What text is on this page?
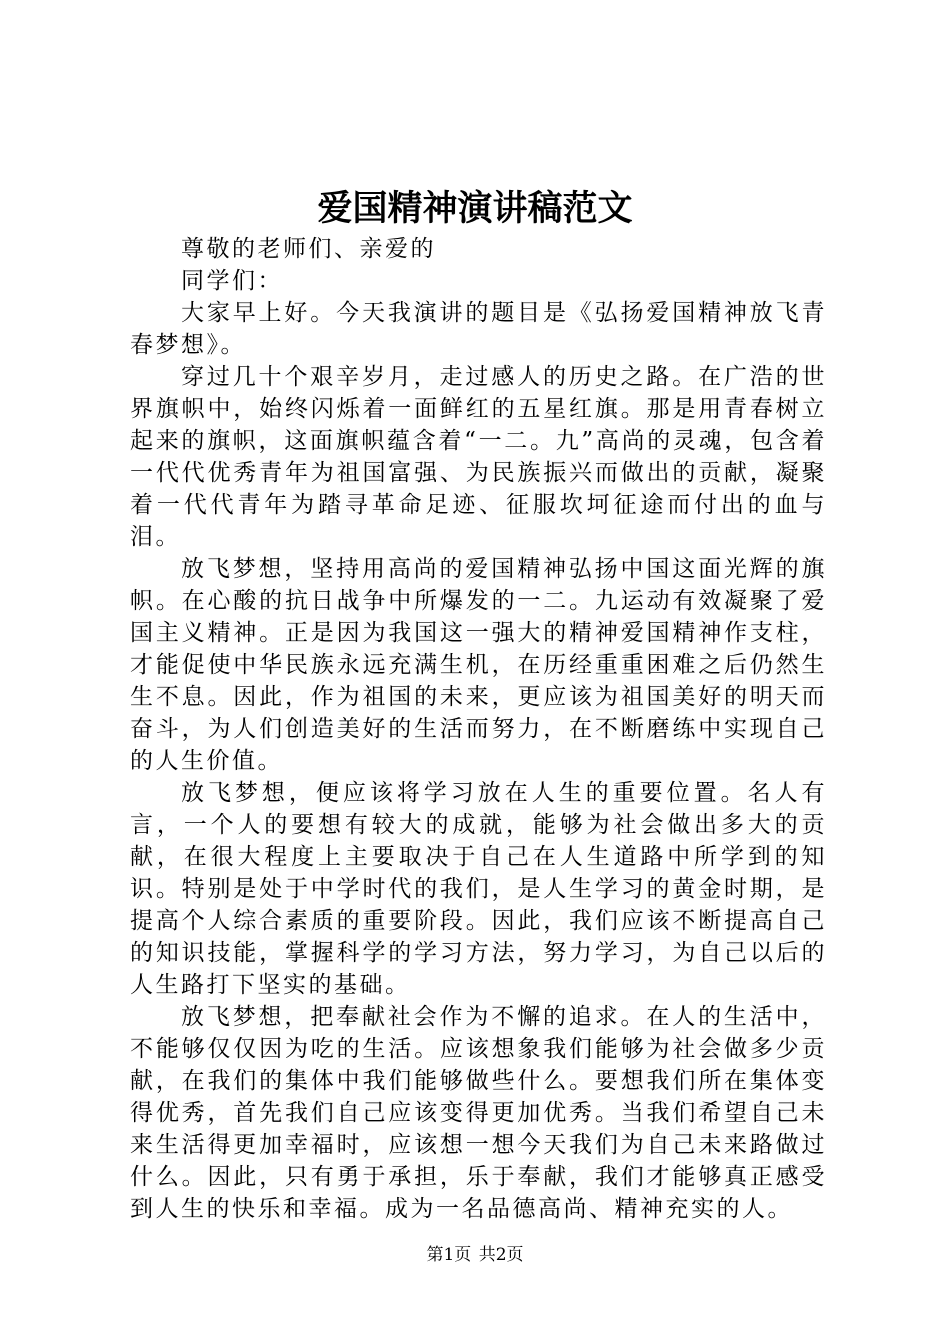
爱国精神演讲稿范文

尊敬的老师们、亲爱的

同学们：

大家早上好。今天我演讲的题目是《弘扬爱国精神放飞青春梦想》。

穿过几十个艰辛岁月，走过感人的历史之路。在广浩的世界旗帜中，始终闪烁着一面鲜红的五星红旗。那是用青春树立起来的旗帜，这面旗帜蕴含着“一二。九”高尚的灵魂，包含着一代代优秀青年为祖国富强、为民族振兴而做出的贡献，凝聚着一代代青年为踏寻革命足迹、征服坎坷征途而付出的血与泪。

放飞梦想，坚持用高尚的爱国精神弘扬中国这面光辉的旗帜。在心酸的抗日战争中所爆发的一二。九运动有效凝聚了爱国主义精神。正是因为我国这一强大的精神爱国精神作支柱，才能促使中华民族永远充满生机，在历经重重困难之后仍然生生不息。因此，作为祖国的未来，更应该为祖国美好的明天而奋斗，为人们创造美好的生活而努力，在不断磨练中实现自己的人生价值。

放飞梦想，便应该将学习放在人生的重要位置。名人有言，一个人的要想有较大的成就，能够为社会做出多大的贡献，在很大程度上主要取决于自己在人生道路中所学到的知识。特别是处于中学时代的我们，是人生学习的黄金时期，是提高个人综合素质的重要阶段。因此，我们应该不断提高自己的知识技能，掌握科学的学习方法，努力学习，为自己以后的人生路打下坚实的基础。

放飞梦想，把奉献社会作为不懈的追求。在人的生活中，不能够仅仅因为吃的生活。应该想象我们能够为社会做多少贡献，在我们的集体中我们能够做些什么。要想我们所在集体变得优秀，首先我们自己应该变得更加优秀。当我们希望自己未来生活得更加幸福时，应该想一想今天我们为自己未来路做过什么。因此，只有勇于承担，乐于奉献，我们才能够真正感受到人生的快乐和幸福。成为一名品德高尚、精神充实的人。

第1页 共2页
